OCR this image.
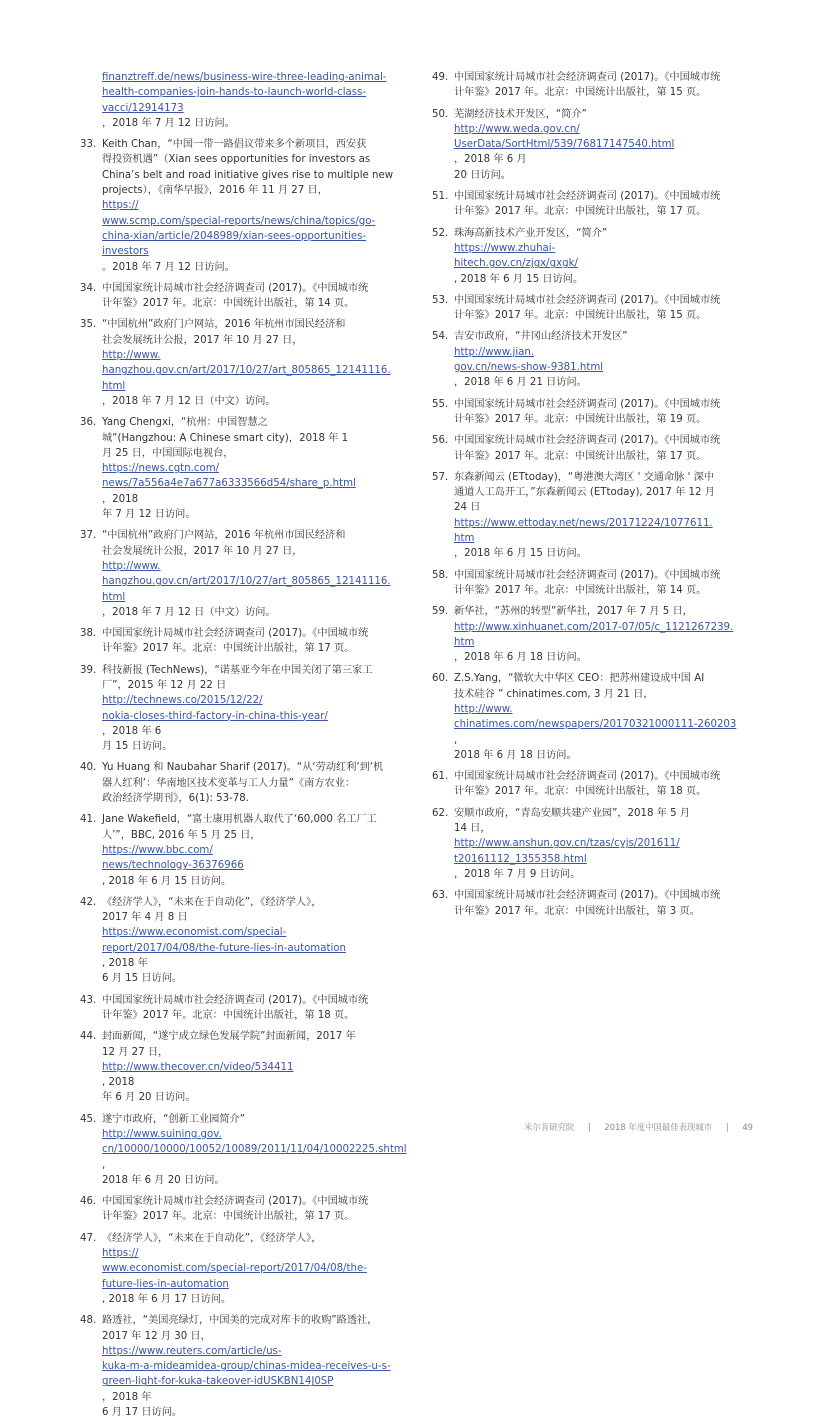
finanztreff.de/news/business-wire-three-leading-animal-
health-companies-join-hands-to-launch-world-class-
vacci/12914173
，2018 年 7 月 12 日访问。
33. Keith Chan，“中国一带一路倡议带来多个新项目，西安获
得投资机遇”（Xian sees opportunities for investors as
China’s belt and road initiative gives rise to multiple new
projects），《南华早报》，2016 年 11 月 27 日，
https://
www.scmp.com/special-reports/news/china/topics/go-
china-xian/article/2048989/xian-sees-opportunities-
investors
。2018 年 7 月 12 日访问。
34. 中国国家统计局城市社会经济调查司 (2017)。《中国城市统
计年鉴》2017 年。北京：中国统计出版社，第 14 页。
35. “中国杭州”政府门户网站，2016 年杭州市国民经济和
社会发展统计公报，2017 年 10 月 27 日，
http://www.
hangzhou.gov.cn/art/2017/10/27/art_805865_12141116.
html
，2018 年 7 月 12 日（中文）访问。
36. Yang Chengxi，“杭州：中国智慧之
城”(Hangzhou: A Chinese smart city)，2018 年 1
月 25 日，中国国际电视台，
https://news.cgtn.com/
news/7a556a4e7a677a6333566d54/share_p.html
，2018
年 7 月 12 日访问。
37. “中国杭州”政府门户网站，2016 年杭州市国民经济和
社会发展统计公报，2017 年 10 月 27 日，
http://www.
hangzhou.gov.cn/art/2017/10/27/art_805865_12141116.
html
，2018 年 7 月 12 日（中文）访问。
38. 中国国家统计局城市社会经济调查司 (2017)。《中国城市统
计年鉴》2017 年。北京：中国统计出版社，第 17 页。
39. 科技新报 (TechNews)，“诺基亚今年在中国关闭了第三家工
厂”，2015 年 12 月 22 日
http://technews.co/2015/12/22/
nokia-closes-third-factory-in-china-this-year/
，2018 年 6
月 15 日访问。
40. Yu Huang 和 Naubahar Sharif (2017)。“从‘劳动红利’到‘机
器人红利’：华南地区技术变革与工人力量”《南方农业：
政治经济学期刊》，6(1): 53-78.
41. Jane Wakefield，“富士康用机器人取代了‘60,000 名工厂工
人’”，BBC, 2016 年 5 月 25 日，
https://www.bbc.com/
news/technology-36376966
, 2018 年 6 月 15 日访问。
42. 《经济学人》，“未来在于自动化”，《经济学人》，
2017 年 4 月 8 日
https://www.economist.com/special-
report/2017/04/08/the-future-lies-in-automation
, 2018 年
6 月 15 日访问。
43. 中国国家统计局城市社会经济调查司 (2017)。《中国城市统
计年鉴》2017 年。北京：中国统计出版社，第 18 页。
44. 封面新闻，“遂宁成立绿色发展学院”封面新闻，2017 年
12 月 27 日，
http://www.thecover.cn/video/534411
, 2018
年 6 月 20 日访问。
45. 遂宁市政府，“创新工业园简介”
http://www.suining.gov.
cn/10000/10000/10052/10089/2011/11/04/10002225.shtml
,
2018 年 6 月 20 日访问。
46. 中国国家统计局城市社会经济调查司 (2017)。《中国城市统
计年鉴》2017 年。北京：中国统计出版社，第 17 页。
47. 《经济学人》，“未来在于自动化”，《经济学人》，
https://
www.economist.com/special-report/2017/04/08/the-
future-lies-in-automation
, 2018 年 6 月 17 日访问。
48. 路透社，“美国亮绿灯，中国美的完成对库卡的收购”路透社，
2017 年 12 月 30 日，
https://www.reuters.com/article/us-
kuka-m-a-mideamidea-group/chinas-midea-receives-u-s-
green-light-for-kuka-takeover-idUSKBN14J0SP
，2018 年
6 月 17 日访问。
49. 中国国家统计局城市社会经济调查司 (2017)。《中国城市统
计年鉴》2017 年。北京：中国统计出版社，第 15 页。
50. 芜湖经济技术开发区，“简介”
http://www.weda.gov.cn/
UserData/SortHtml/539/76817147540.html
，2018 年 6 月
20 日访问。
51. 中国国家统计局城市社会经济调查司 (2017)。《中国城市统
计年鉴》2017 年。北京：中国统计出版社，第 17 页。
52. 珠海高新技术产业开发区，“简介”
https://www.zhuhai-
hitech.gov.cn/zjgx/gxgk/
, 2018 年 6 月 15 日访问。
53. 中国国家统计局城市社会经济调查司 (2017)。《中国城市统
计年鉴》2017 年。北京：中国统计出版社，第 15 页。
54. 吉安市政府，“井冈山经济技术开发区”
http://www.jian.
gov.cn/news-show-9381.html
，2018 年 6 月 21 日访问。
55. 中国国家统计局城市社会经济调查司 (2017)。《中国城市统
计年鉴》2017 年。北京：中国统计出版社，第 19 页。
56. 中国国家统计局城市社会经济调查司 (2017)。《中国城市统
计年鉴》2017 年。北京：中国统计出版社，第 17 页。
57. 东森新闻云 (ETtoday)，“粤港澳大湾区 ' 交通命脉 ' 深中
通道人工岛开工，”东森新闻云 (ETtoday), 2017 年 12 月
24 日
https://www.ettoday.net/news/20171224/1077611.
htm
，2018 年 6 月 15 日访问。
58. 中国国家统计局城市社会经济调查司 (2017)。《中国城市统
计年鉴》2017 年。北京：中国统计出版社，第 14 页。
59. 新华社，“苏州的转型”新华社，2017 年 7 月 5 日，
http://www.xinhuanet.com/2017-07/05/c_1121267239.
htm
，2018 年 6 月 18 日访问。
60. Z.S.Yang，“微软大中华区 CEO：把苏州建设成中国 AI
技术硅谷 ” chinatimes.com, 3 月 21 日，
http://www.
chinatimes.com/newspapers/20170321000111-260203
,
2018 年 6 月 18 日访问。
61. 中国国家统计局城市社会经济调查司 (2017)。《中国城市统
计年鉴》2017 年。北京：中国统计出版社，第 18 页。
62. 安顺市政府，“青岛安顺共建产业园”，2018 年 5 月
14 日，
http://www.anshun.gov.cn/tzas/cyjs/201611/
t20161112_1355358.html
，2018 年 7 月 9 日访问。
63. 中国国家统计局城市社会经济调查司 (2017)。《中国城市统
计年鉴》2017 年。北京：中国统计出版社，第 3 页。
米尔肯研究院 | 2018 年度中国最佳表现城市 | 49
